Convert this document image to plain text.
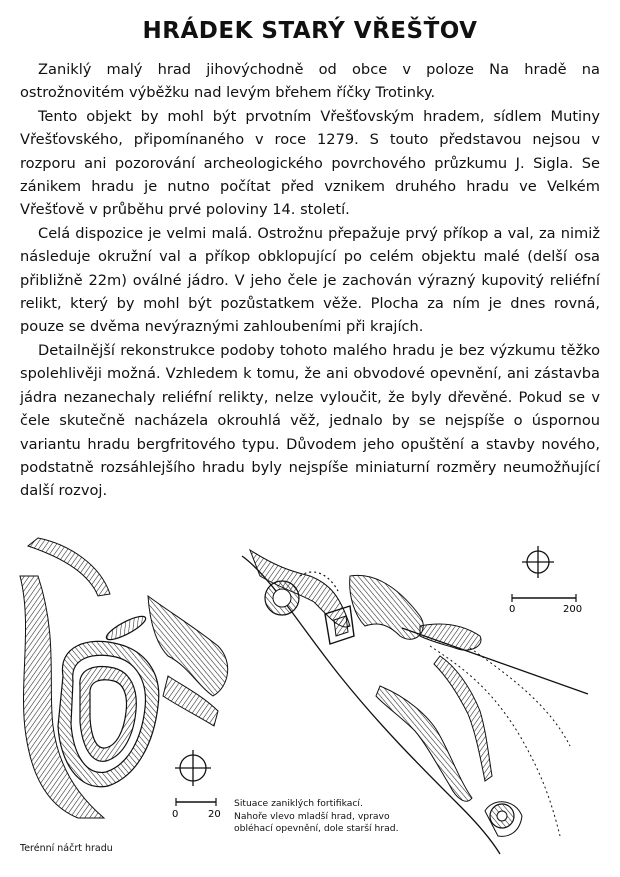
HRÁDEK STARÝ VŘEŠŤOV

Zaniklý malý hrad jihovýchodně od obce v poloze Na hradě na ostrožnovitém výběžku nad levým břehem říčky Trotinky.

Tento objekt by mohl být prvotním Vřešťovským hradem, sídlem Mutiny Vřešťovského, připomínaného v roce 1279. S touto představou nejsou v rozporu ani pozorování archeologického povrchového průzkumu J. Sigla. Se zánikem hradu je nutno počítat před vznikem druhého hradu ve Velkém Vřešťově v průběhu prvé poloviny 14. století.

Celá dispozice je velmi malá. Ostrožnu přepažuje prvý příkop a val, za nimiž následuje okružní val a příkop obklopující po celém objektu malé (delší osa přibližně 22m) oválné jádro. V jeho čele je zachován výrazný kupovitý reliéfní relikt, který by mohl být pozůstatkem věže. Plocha za ním je dnes rovná, pouze se dvěma nevýraznými zahloubeními při krajích.

Detailnější rekonstrukce podoby tohoto malého hradu je bez výzkumu těžko spolehlivěji možná. Vzhledem k tomu, že ani obvodové opevnění, ani zástavba jádra nezanechaly reliéfní relikty, nelze vyloučit, že byly dřevěné. Pokud se v čele skutečně nacházela okrouhlá věž, jednalo by se nejspíše o úspornou variantu hradu bergfritového typu. Důvodem jeho opuštění a stavby nového, podstatně rozsáhlejšího hradu byly nejspíše miniaturní rozměry neumožňující další rozvoj.

0	20
Terénní náčrt hradu
0	200
Situace zaniklých fortifikací.
Nahoře vlevo mladší hrad, vpravo
obléhací opevnění, dole starší hrad.
